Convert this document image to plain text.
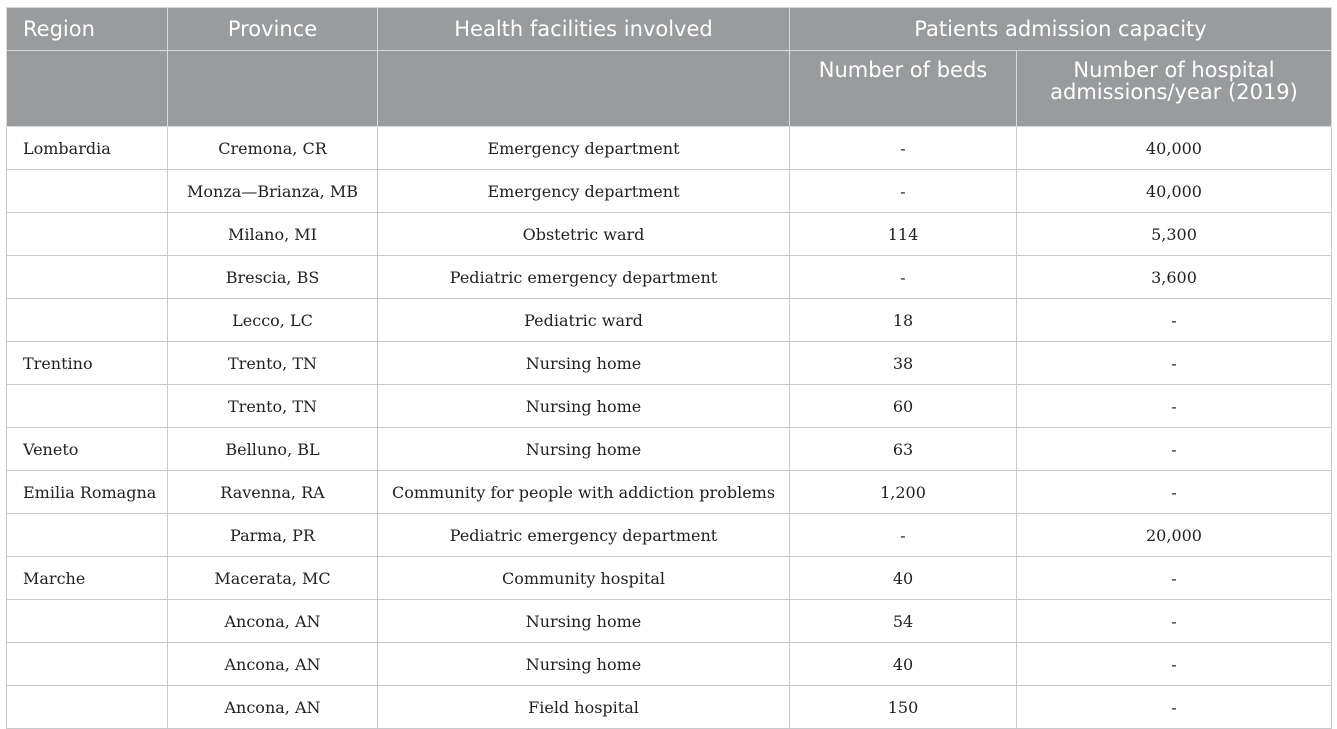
Region	Province	Health facilities involved	Patients admission capacity	
			Number of beds	Number of hospital admissions/year (2019)
Lombardia	Cremona, CR	Emergency department	-	40,000
	Monza—Brianza, MB	Emergency department	-	40,000
	Milano, MI	Obstetric ward	114	5,300
	Brescia, BS	Pediatric emergency department	-	3,600
	Lecco, LC	Pediatric ward	18	-
Trentino	Trento, TN	Nursing home	38	-
	Trento, TN	Nursing home	60	-
Veneto	Belluno, BL	Nursing home	63	-
Emilia Romagna	Ravenna, RA	Community for people with addiction problems	1,200	-
	Parma, PR	Pediatric emergency department	-	20,000
Marche	Macerata, MC	Community hospital	40	-
	Ancona, AN	Nursing home	54	-
	Ancona, AN	Nursing home	40	-
	Ancona, AN	Field hospital	150	-
